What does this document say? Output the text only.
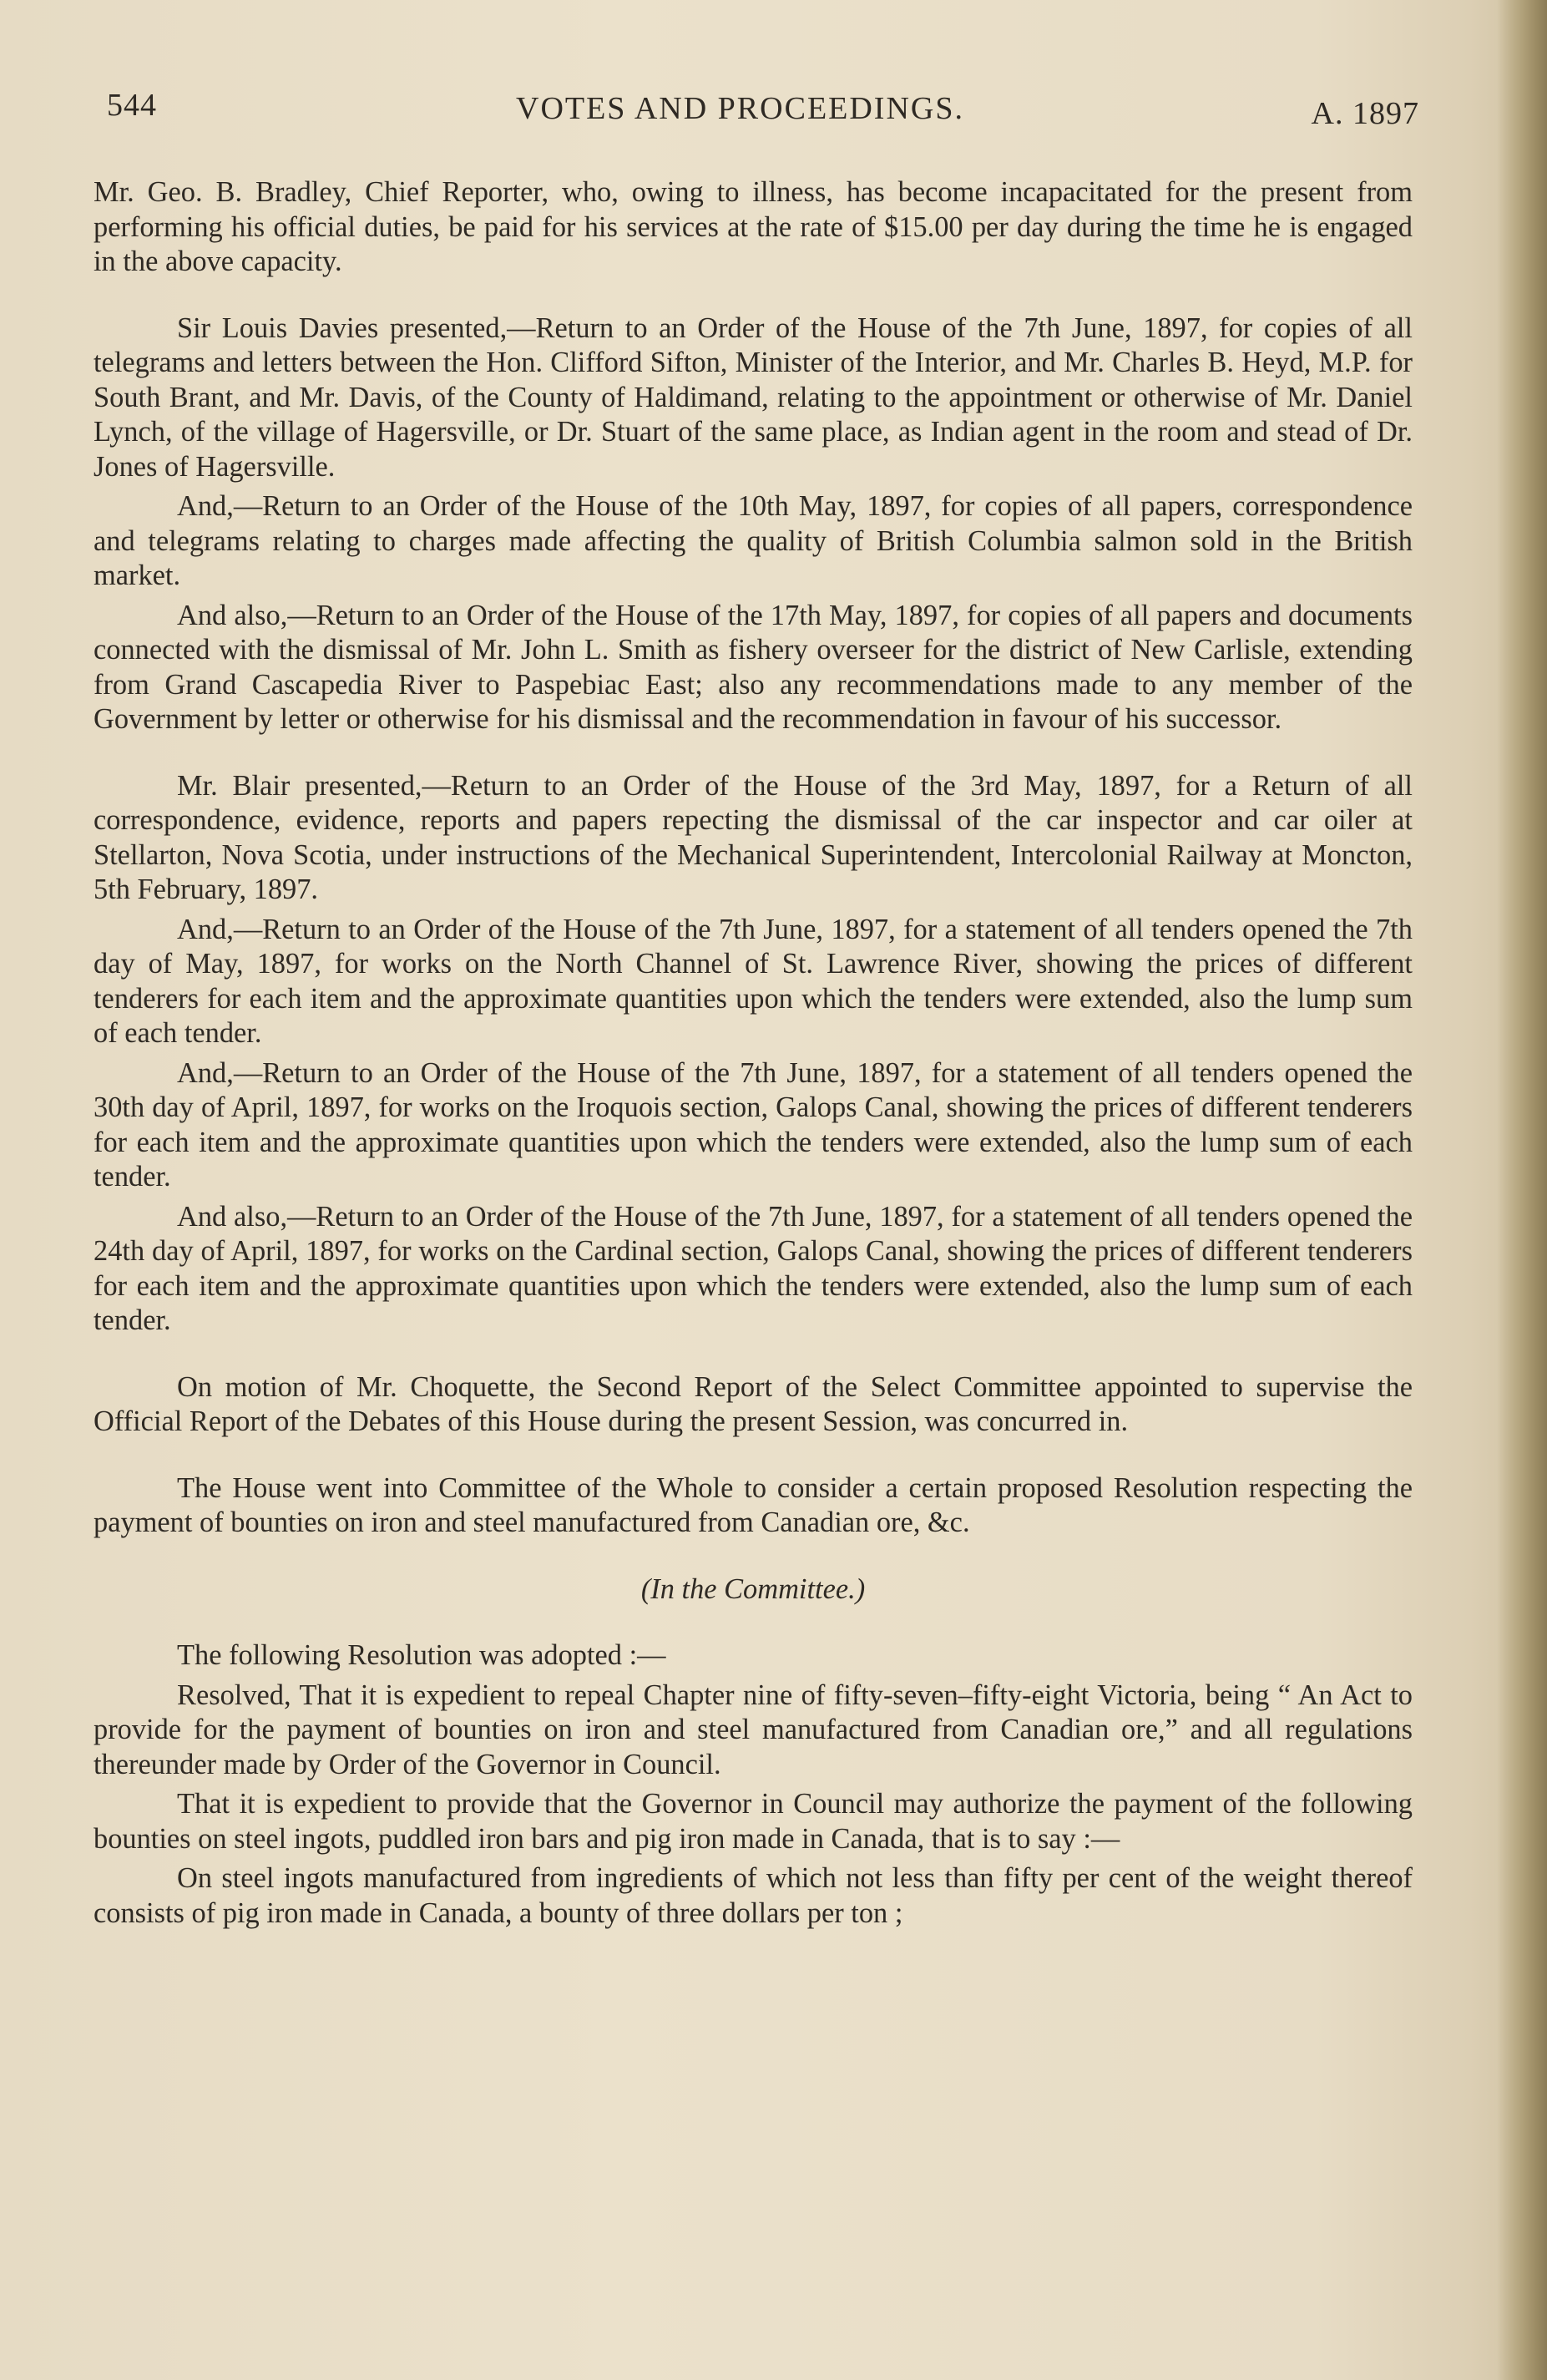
544	VOTES AND PROCEEDINGS.	A. 1897

Mr. Geo. B. Bradley, Chief Reporter, who, owing to illness, has become incapacitated for the present from performing his official duties, be paid for his services at the rate of $15.00 per day during the time he is engaged in the above capacity.

Sir Louis Davies presented,—Return to an Order of the House of the 7th June, 1897, for copies of all telegrams and letters between the Hon. Clifford Sifton, Minister of the Interior, and Mr. Charles B. Heyd, M.P. for South Brant, and Mr. Davis, of the County of Haldimand, relating to the appointment or otherwise of Mr. Daniel Lynch, of the village of Hagersville, or Dr. Stuart of the same place, as Indian agent in the room and stead of Dr. Jones of Hagersville.

And,—Return to an Order of the House of the 10th May, 1897, for copies of all papers, correspondence and telegrams relating to charges made affecting the quality of British Columbia salmon sold in the British market.

And also,—Return to an Order of the House of the 17th May, 1897, for copies of all papers and documents connected with the dismissal of Mr. John L. Smith as fishery overseer for the district of New Carlisle, extending from Grand Cascapedia River to Paspebiac East; also any recommendations made to any member of the Government by letter or otherwise for his dismissal and the recommendation in favour of his successor.

Mr. Blair presented,—Return to an Order of the House of the 3rd May, 1897, for a Return of all correspondence, evidence, reports and papers repecting the dismissal of the car inspector and car oiler at Stellarton, Nova Scotia, under instructions of the Mechanical Superintendent, Intercolonial Railway at Moncton, 5th February, 1897.

And,—Return to an Order of the House of the 7th June, 1897, for a statement of all tenders opened the 7th day of May, 1897, for works on the North Channel of St. Lawrence River, showing the prices of different tenderers for each item and the approximate quantities upon which the tenders were extended, also the lump sum of each tender.

And,—Return to an Order of the House of the 7th June, 1897, for a statement of all tenders opened the 30th day of April, 1897, for works on the Iroquois section, Galops Canal, showing the prices of different tenderers for each item and the approximate quantities upon which the tenders were extended, also the lump sum of each tender.

And also,—Return to an Order of the House of the 7th June, 1897, for a statement of all tenders opened the 24th day of April, 1897, for works on the Cardinal section, Galops Canal, showing the prices of different tenderers for each item and the approximate quantities upon which the tenders were extended, also the lump sum of each tender.

On motion of Mr. Choquette, the Second Report of the Select Committee appointed to supervise the Official Report of the Debates of this House during the present Session, was concurred in.

The House went into Committee of the Whole to consider a certain proposed Resolution respecting the payment of bounties on iron and steel manufactured from Canadian ore, &c.

(In the Committee.)

The following Resolution was adopted :—

Resolved, That it is expedient to repeal Chapter nine of fifty-seven–fifty-eight Victoria, being “ An Act to provide for the payment of bounties on iron and steel manufactured from Canadian ore,” and all regulations thereunder made by Order of the Governor in Council.

That it is expedient to provide that the Governor in Council may authorize the payment of the following bounties on steel ingots, puddled iron bars and pig iron made in Canada, that is to say :—

On steel ingots manufactured from ingredients of which not less than fifty per cent of the weight thereof consists of pig iron made in Canada, a bounty of three dollars per ton ;
